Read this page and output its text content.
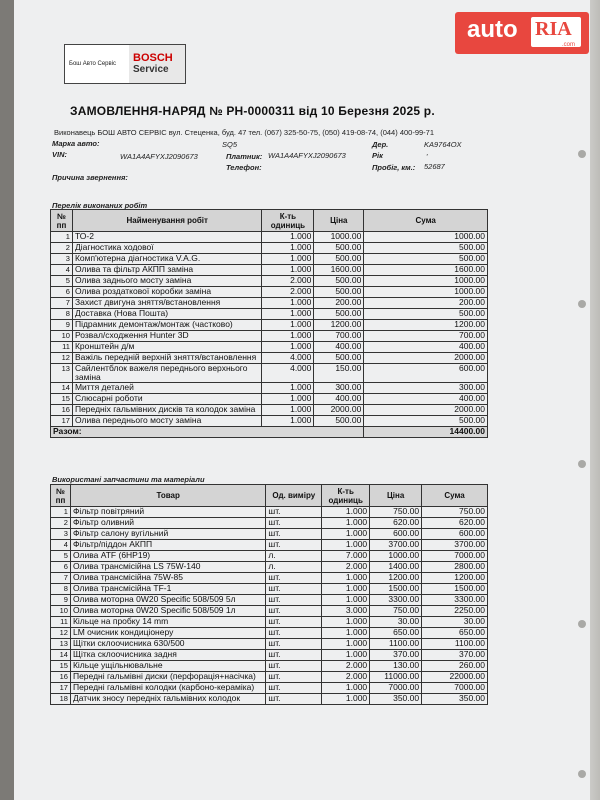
Бош Авто Сервіс	BOSCH
Service
auto RIA
.com
ЗАМОВЛЕННЯ-НАРЯД № РН-0000311 від 10 Березня 2025 р.
Виконавець БОШ АВТО СЕРВІС вул. Стеценка, буд. 47 тел. (067) 325-50-75, (050) 419-08-74, (044) 400-99-71
Марка авто:	SQ5	Дер.	KA9764OX
VIN:	WA1A4AFYXJ2090673	Платник: WA1A4AFYXJ2090673	Рік	'
Телефон:	Пробіг, км.: 52687
Причина звернення:
Перелік виконаних робіт
№
пп	Найменування робіт	К-ть
одиниць	Ціна	Сума
1	ТО-2	1.000	1000.00	1000.00
2	Діагностика ходової	1.000	500.00	500.00
3	Комп'ютерна діагностика V.A.G.	1.000	500.00	500.00
4	Олива та фільтр АКПП заміна	1.000	1600.00	1600.00
5	Олива заднього мосту заміна	2.000	500.00	1000.00
6	Олива роздаткової коробки заміна	2.000	500.00	1000.00
7	Захист двигуна зняття/встановлення	1.000	200.00	200.00
8	Доставка (Нова Пошта)	1.000	500.00	500.00
9	Підрамник демонтаж/монтаж (частково)	1.000	1200.00	1200.00
10	Розвал/сходження Hunter 3D	1.000	700.00	700.00
11	Кронштейн д/м	1.000	400.00	400.00
12	Важіль передній верхній зняття/встановлення	4.000	500.00	2000.00
13	Сайлентблок важеля переднього верхнього заміна	4.000	150.00	600.00
14	Миття деталей	1.000	300.00	300.00
15	Слюсарні роботи	1.000	400.00	400.00
16	Передніх гальмівних дисків та колодок заміна	1.000	2000.00	2000.00
17	Олива переднього мосту заміна	1.000	500.00	500.00
Разом:				14400.00
Використані запчастини та матеріали
№
пп	Товар	Од. виміру	К-ть
одиниць	Ціна	Сума
1	Фільтр повітряний	шт.	1.000	750.00	750.00
2	Фільтр оливний	шт.	1.000	620.00	620.00
3	Фільтр салону вугільний	шт.	1.000	600.00	600.00
4	Фільтр/піддон АКПП	шт.	1.000	3700.00	3700.00
5	Олива ATF (6HP19)	л.	7.000	1000.00	7000.00
6	Олива трансмісійна LS 75W-140	л.	2.000	1400.00	2800.00
7	Олива трансмісійна 75W-85	шт.	1.000	1200.00	1200.00
8	Олива трансмісійна TF-1	шт.	1.000	1500.00	1500.00
9	Олива моторна 0W20 Specific 508/509 5л	шт.	1.000	3300.00	3300.00
10	Олива моторна 0W20 Specific 508/509 1л	шт.	3.000	750.00	2250.00
11	Кільце на пробку 14 mm	шт.	1.000	30.00	30.00
12	LM очисник кондиціонеру	шт.	1.000	650.00	650.00
13	Щітки склоочисника 630/500	шт.	1.000	1100.00	1100.00
14	Щітка склоочисника задня	шт.	1.000	370.00	370.00
15	Кільце ущільнювальне	шт.	2.000	130.00	260.00
16	Передні гальмівні диски (перфорація+насічка)	шт.	2.000	11000.00	22000.00
17	Передні гальмівні колодки (карбоно-кераміка)	шт.	1.000	7000.00	7000.00
18	Датчик зносу передніх гальмівних колодок	шт.	1.000	350.00	350.00
